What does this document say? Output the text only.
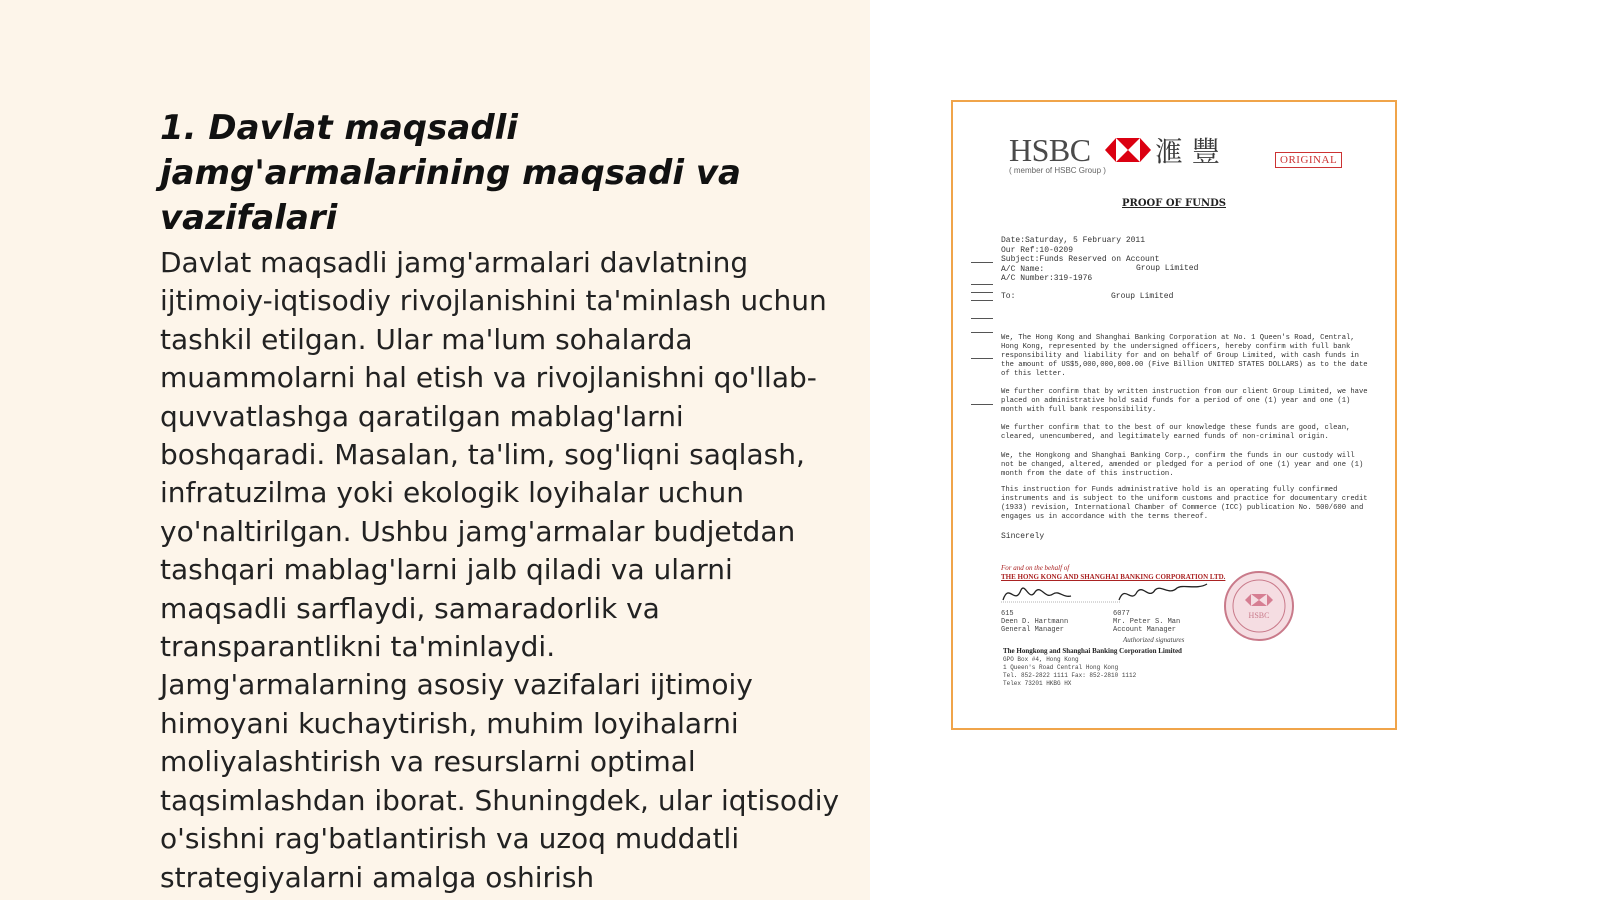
1. Davlat maqsadli jamg'armalarining maqsadi va vazifalari

Davlat maqsadli jamg'armalari davlatning ijtimoiy-iqtisodiy rivojlanishini ta'minlash uchun tashkil etilgan. Ular ma'lum sohalarda muammolarni hal etish va rivojlanishni qo'llab-quvvatlashga qaratilgan mablag'larni boshqaradi. Masalan, ta'lim, sog'liqni saqlash, infratuzilma yoki ekologik loyihalar uchun yo'naltirilgan. Ushbu jamg'armalar budjetdan tashqari mablag'larni jalb qiladi va ularni maqsadli sarflaydi, samaradorlik va transparantlikni ta'minlaydi.

Jamg'armalarning asosiy vazifalari ijtimoiy himoyani kuchaytirish, muhim loyihalarni moliyalashtirish va resurslarni optimal taqsimlashdan iborat. Shuningdek, ular iqtisodiy o'sishni rag'batlantirish va uzoq muddatli strategiyalarni amalga oshirish

HSBC 滙 豐
( member of HSBC Group )
ORIGINAL
PROOF OF FUNDS
Date:Saturday, 5 February 2011
Our Ref:10-0209
Subject:Funds Reserved on Account
A/C Name:
A/C Number:319-1976
Group Limited
To:	Group Limited

We, The Hong Kong and Shanghai Banking Corporation at No. 1 Queen's Road, Central, Hong Kong, represented by the undersigned officers, hereby confirm with full bank responsibility and liability for and on behalf of Group Limited, with cash funds in the amount of US$5,000,000,000.00 (Five Billion UNITED STATES DOLLARS) as to the date of this letter.

We further confirm that by written instruction from our client Group Limited, we have placed on administrative hold said funds for a period of one (1) year and one (1) month with full bank responsibility.

We further confirm that to the best of our knowledge these funds are good, clean, cleared, unencumbered, and legitimately earned funds of non-criminal origin.

We, the Hongkong and Shanghai Banking Corp., confirm the funds in our custody will not be changed, altered, amended or pledged for a period of one (1) year and one (1) month from the date of this instruction.

This instruction for Funds administrative hold is an operating fully confirmed instruments and is subject to the uniform customs and practice for documentary credit (1933) revision, International Chamber of Commerce (ICC) publication No. 500/600 and engages us in accordance with the terms thereof.

Sincerely
For and on the behalf of
THE HONG KONG AND SHANGHAI BANKING CORPORATION LTD.
615
Deen D. Hartmann
General Manager
6077
Mr. Peter S. Man
Account Manager
Authorized signatures
The Hongkong and Shanghai Banking Corporation Limited
GPO Box #4, Hong Kong
1 Queen's Road Central Hong Kong
Tel. 852-2822 1111 Fax: 852-2810 1112
Telex 73201 HKBG HX
HSBC
